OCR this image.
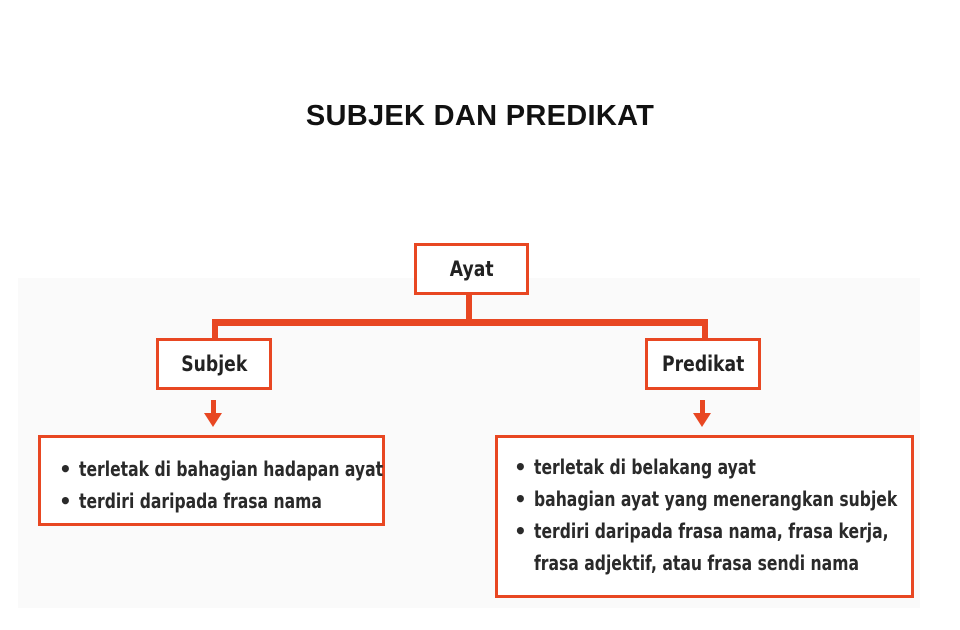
SUBJEK DAN PREDIKAT
Ayat
Subjek	Predikat
• terletak di bahagian hadapan ayat
• terdiri daripada frasa nama
• terletak di belakang ayat
• bahagian ayat yang menerangkan subjek
• terdiri daripada frasa nama, frasa kerja,
frasa adjektif, atau frasa sendi nama
